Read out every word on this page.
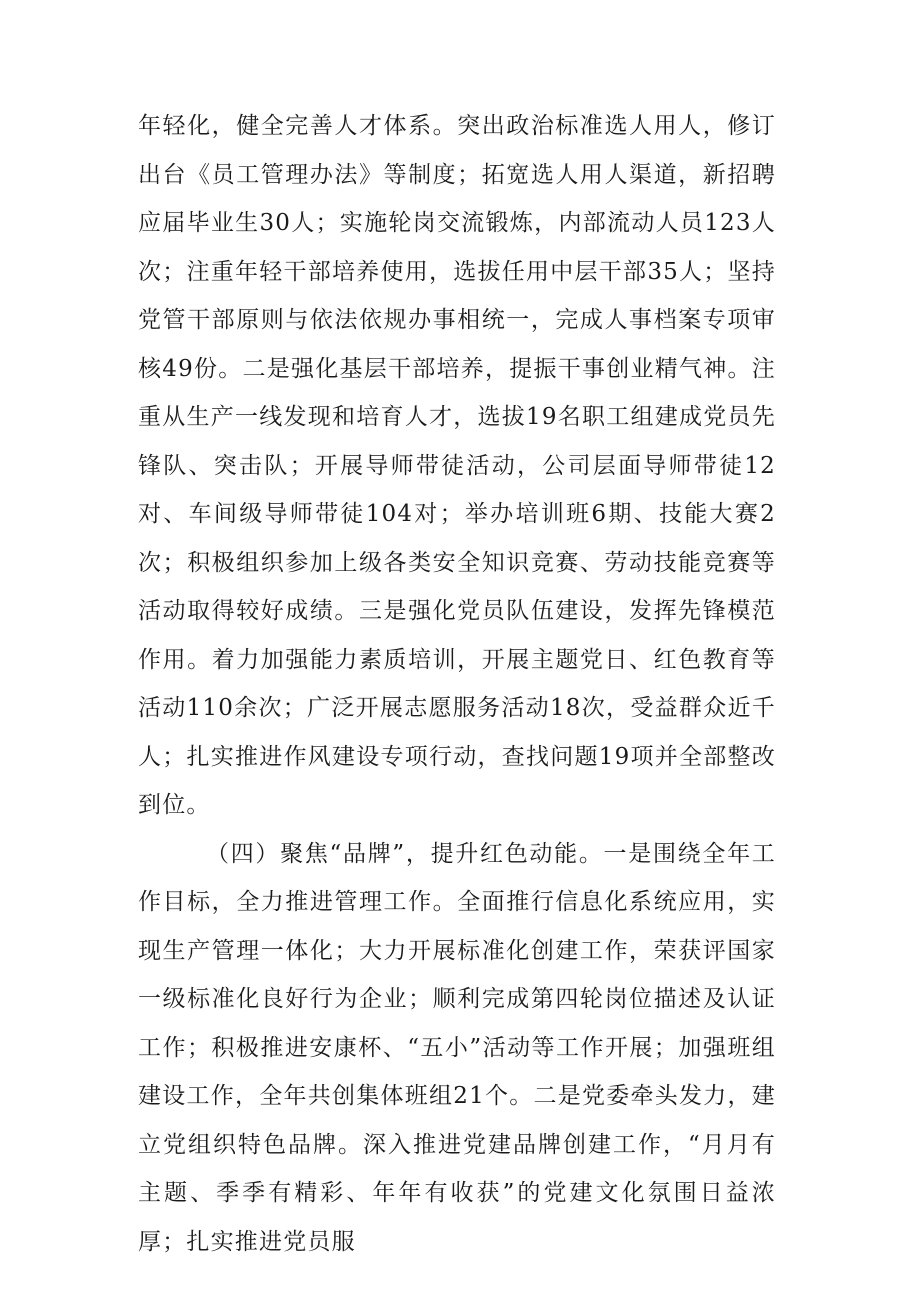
年轻化，健全完善人才体系。突出政治标准选人用人，修订出台《员工管理办法》等制度；拓宽选人用人渠道，新招聘应届毕业生30人；实施轮岗交流锻炼，内部流动人员123人次；注重年轻干部培养使用，选拔任用中层干部35人；坚持党管干部原则与依法依规办事相统一，完成人事档案专项审核49份。二是强化基层干部培养，提振干事创业精气神。注重从生产一线发现和培育人才，选拔19名职工组建成党员先锋队、突击队；开展导师带徒活动，公司层面导师带徒12对、车间级导师带徒104对；举办培训班6期、技能大赛2次；积极组织参加上级各类安全知识竞赛、劳动技能竞赛等活动取得较好成绩。三是强化党员队伍建设，发挥先锋模范作用。着力加强能力素质培训，开展主题党日、红色教育等活动110余次；广泛开展志愿服务活动18次，受益群众近千人；扎实推进作风建设专项行动，查找问题19项并全部整改到位。

（四）聚焦“品牌”，提升红色动能。一是围绕全年工作目标，全力推进管理工作。全面推行信息化系统应用，实现生产管理一体化；大力开展标准化创建工作，荣获评国家一级标准化良好行为企业；顺利完成第四轮岗位描述及认证工作；积极推进安康杯、“五小”活动等工作开展；加强班组建设工作，全年共创集体班组21个。二是党委牵头发力，建立党组织特色品牌。深入推进党建品牌创建工作，“月月有主题、季季有精彩、年年有收获”的党建文化氛围日益浓厚；扎实推进党员服
